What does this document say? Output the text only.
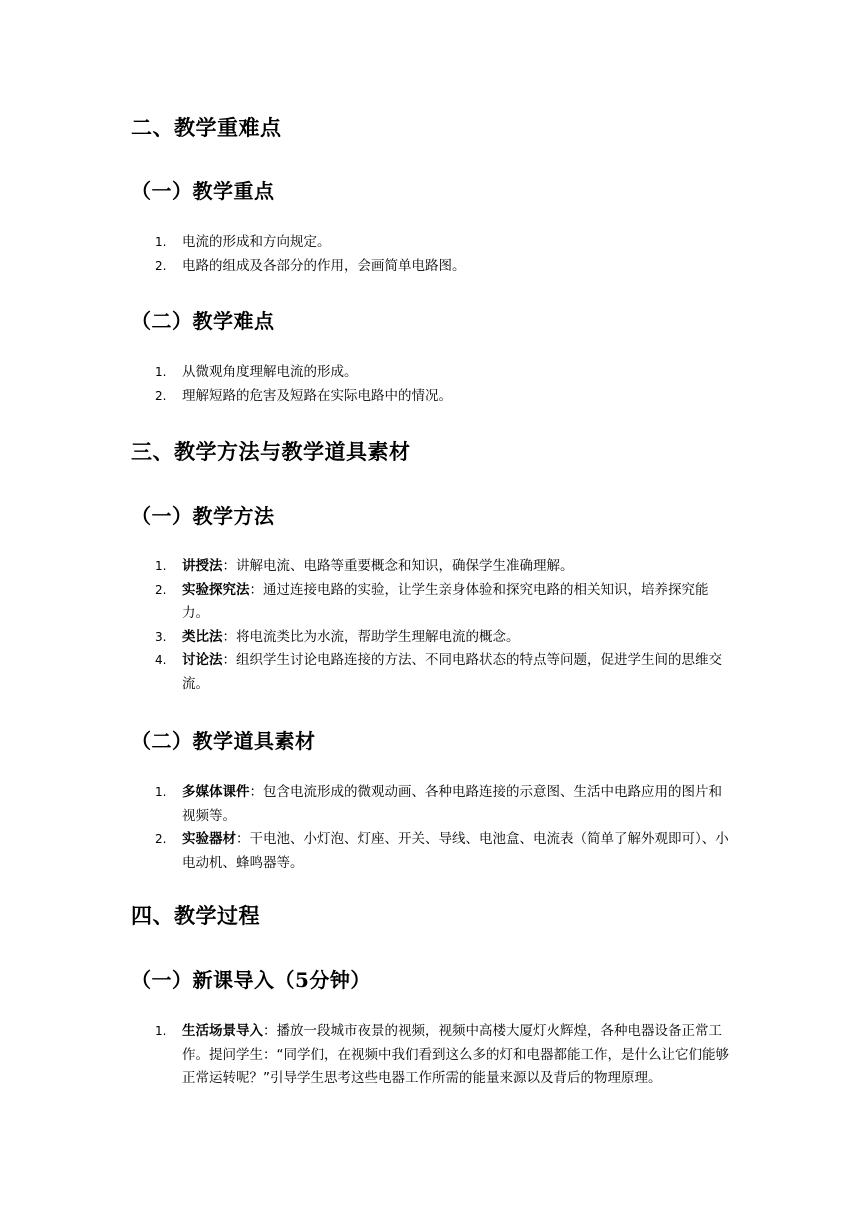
二、教学重难点
（一）教学重点
1. 电流的形成和方向规定。
2. 电路的组成及各部分的作用，会画简单电路图。
（二）教学难点
1. 从微观角度理解电流的形成。
2. 理解短路的危害及短路在实际电路中的情况。
三、教学方法与教学道具素材
（一）教学方法
1. 讲授法：讲解电流、电路等重要概念和知识，确保学生准确理解。
2. 实验探究法：通过连接电路的实验，让学生亲身体验和探究电路的相关知识，培养探究能力。
3. 类比法：将电流类比为水流，帮助学生理解电流的概念。
4. 讨论法：组织学生讨论电路连接的方法、不同电路状态的特点等问题，促进学生间的思维交流。
（二）教学道具素材
1. 多媒体课件：包含电流形成的微观动画、各种电路连接的示意图、生活中电路应用的图片和视频等。
2. 实验器材：干电池、小灯泡、灯座、开关、导线、电池盒、电流表（简单了解外观即可）、小电动机、蜂鸣器等。
四、教学过程
（一）新课导入（5分钟）
1. 生活场景导入：播放一段城市夜景的视频，视频中高楼大厦灯火辉煌，各种电器设备正常工作。提问学生：“同学们，在视频中我们看到这么多的灯和电器都能工作，是什么让它们能够正常运转呢？”引导学生思考这些电器工作所需的能量来源以及背后的物理原理。
